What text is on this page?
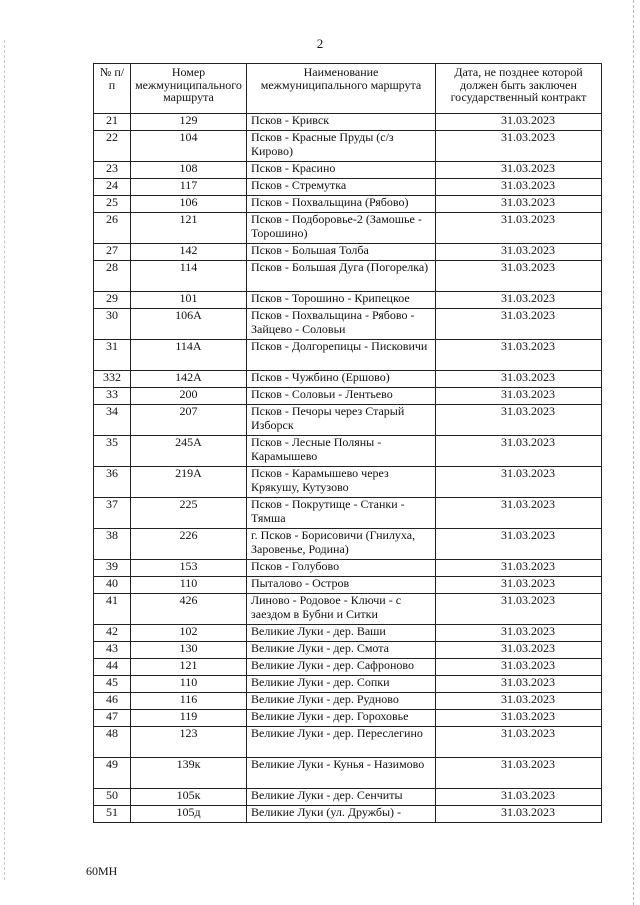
2

№ п/п	Номер межмуниципального маршрута	Наименование межмуниципального маршрута	Дата, не позднее которой должен быть заключен государственный контракт
21	129	Псков - Кривск	31.03.2023
22	104	Псков - Красные Пруды (с/з Кирово)	31.03.2023
23	108	Псков - Красино	31.03.2023
24	117	Псков - Стремутка	31.03.2023
25	106	Псков - Похвальщина (Рябово)	31.03.2023
26	121	Псков - Подборовье-2 (Замошье - Торошино)	31.03.2023
27	142	Псков - Большая Толба	31.03.2023
28	114	Псков - Большая Дуга (Погорелка)	31.03.2023
29	101	Псков - Торошино - Крипецкое	31.03.2023
30	106А	Псков - Похвальщина - Рябово - Зайцево - Соловьи	31.03.2023
31	114А	Псков - Долгорепицы - Писковичи	31.03.2023
332	142А	Псков - Чужбино (Ершово)	31.03.2023
33	200	Псков - Соловьи - Лентьево	31.03.2023
34	207	Псков - Печоры через Старый Изборск	31.03.2023
35	245А	Псков - Лесные Поляны - Карамышево	31.03.2023
36	219А	Псков - Карамышево через Крякушу, Кутузово	31.03.2023
37	225	Псков - Покрутище - Станки - Тямша	31.03.2023
38	226	г. Псков - Борисовичи (Гнилуха, Заровенье, Родина)	31.03.2023
39	153	Псков - Голубово	31.03.2023
40	110	Пыталово - Остров	31.03.2023
41	426	Линово - Родовое - Ключи - с заездом в Бубни и Ситки	31.03.2023
42	102	Великие Луки - дер. Ваши	31.03.2023
43	130	Великие Луки - дер. Смота	31.03.2023
44	121	Великие Луки - дер. Сафроново	31.03.2023
45	110	Великие Луки - дер. Сопки	31.03.2023
46	116	Великие Луки - дер. Руднoво	31.03.2023
47	119	Великие Луки - дер. Гороховье	31.03.2023
48	123	Великие Луки - дер. Переслегино	31.03.2023
49	139к	Великие Луки - Кунья - Назимово	31.03.2023
50	105к	Великие Луки - дер. Сенчиты	31.03.2023
51	105д	Великие Луки (ул. Дружбы) -	31.03.2023

60МН
